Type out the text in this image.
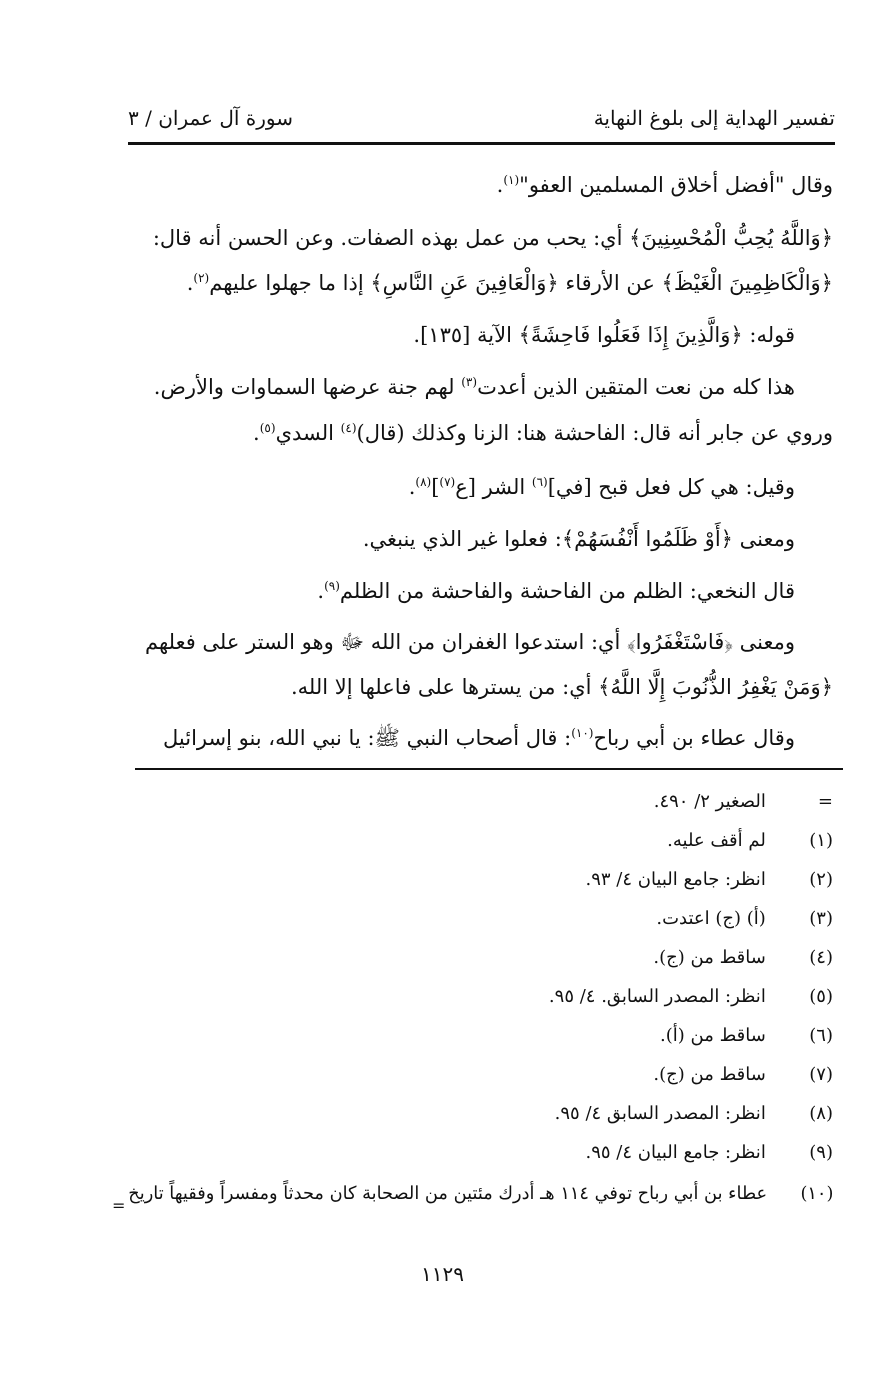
تفسير الهداية إلى بلوغ النهاية
سورة آل عمران / ٣
وقال "أفضل أخلاق المسلمين العفو"$^{(١)}$.
﴿وَاللَّهُ يُحِبُّ الْمُحْسِنِينَ﴾ أي: يحب من عمل بهذه الصفات. وعن الحسن أنه قال:
﴿وَالْكَاظِمِينَ الْغَيْظَ﴾ عن الأرقاء ﴿وَالْعَافِينَ عَنِ النَّاسِ﴾ إذا ما جهلوا عليهم$^{(٢)}$.
قوله: ﴿وَالَّذِينَ إِذَا فَعَلُوا فَاحِشَةً﴾ الآية [١٣٥].
هذا كله من نعت المتقين الذين أعدت$^{(٣)}$ لهم جنة عرضها السماوات والأرض.
وروي عن جابر أنه قال: الفاحشة هنا: الزنا وكذلك (قال)$^{(٤)}$ السدي$^{(٥)}$.
وقيل: هي كل فعل قبح [في]$^{(٦)}$ الشر [ع$^{(٧)}$]$^{(٨)}$.
ومعنى ﴿أَوْ ظَلَمُوا أَنْفُسَهُمْ﴾: فعلوا غير الذي ينبغي.
قال النخعي: الظلم من الفاحشة والفاحشة من الظلم$^{(٩)}$.
ومعنى ﴿فَاسْتَغْفَرُوا﴾ أي: استدعوا الغفران من الله ﷻ وهو الستر على فعلهم
﴿وَمَنْ يَغْفِرُ الذُّنُوبَ إِلَّا اللَّهُ﴾ أي: من يسترها على فاعلها إلا الله.
وقال عطاء بن أبي رباح$^{(١٠)}$: قال أصحاب النبي ﷺ: يا نبي الله، بنو إسرائيل
=   الصغير ٢/ ٤٩٠.
(١)   لم أقف عليه.
(٢)   انظر: جامع البيان ٤/ ٩٣.
(٣)   (أ) (ج) اعتدت.
(٤)   ساقط من (ج).
(٥)   انظر: المصدر السابق. ٤/ ٩٥.
(٦)   ساقط من (أ).
(٧)   ساقط من (ج).
(٨)   انظر: المصدر السابق ٤/ ٩٥.
(٩)   انظر: جامع البيان ٤/ ٩٥.
(١٠)   عطاء بن أبي رباح توفي ١١٤ هـ أدرك مئتين من الصحابة كان محدثاً ومفسراً وفقيهاً تاريخ
=
١١٢٩
